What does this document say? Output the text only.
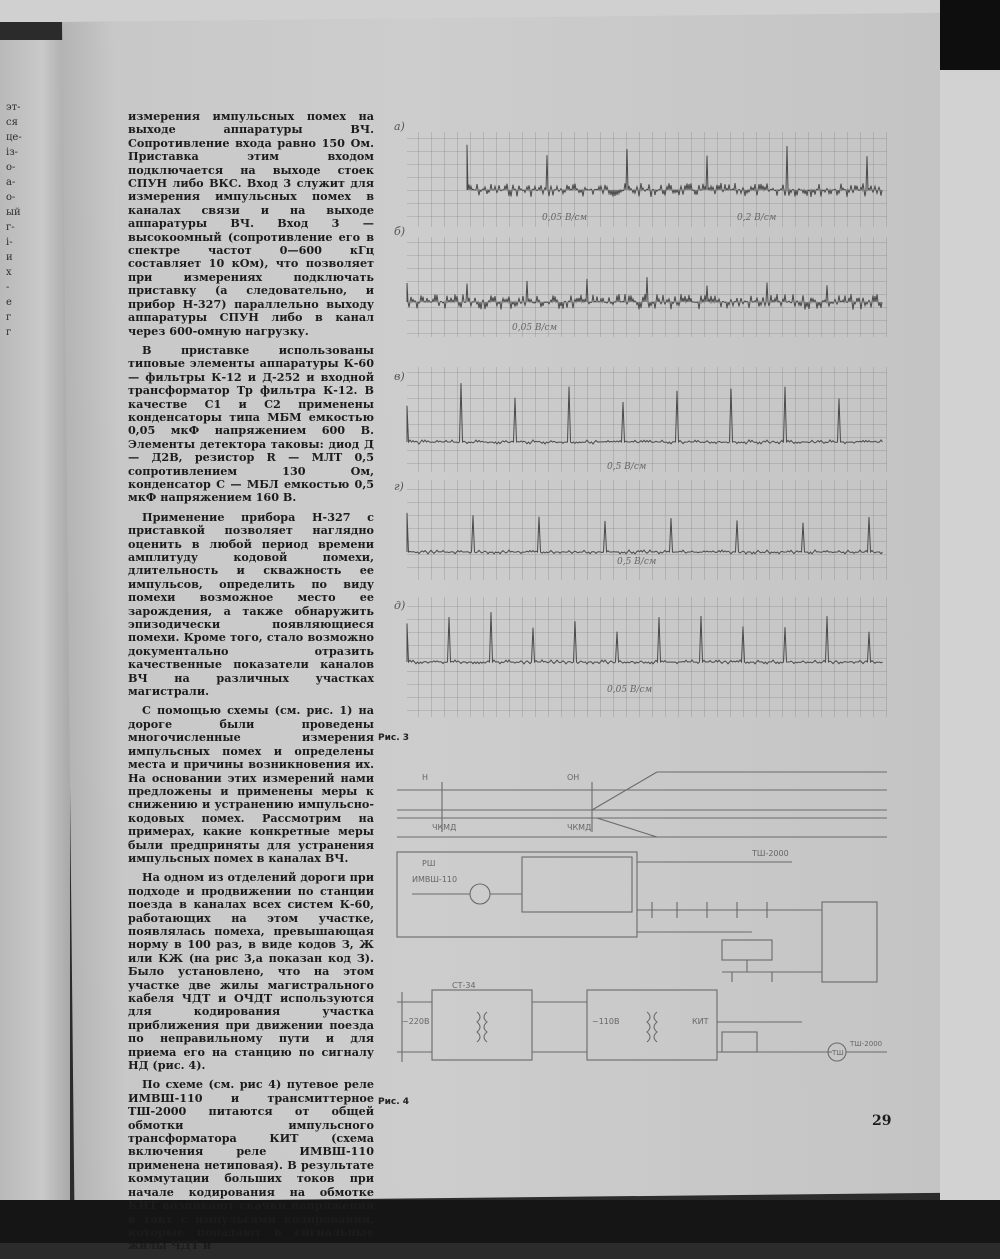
эт-
ся
це-
із-
о-
а-
о-
ый
г-
і-
и
х
-
е
г
г

измерения импульсных помех на выходе аппаратуры ВЧ. Сопротивление входа равно 150 Ом. Приставка этим входом подключается на выходе стоек СПУН либо ВКС. Вход 3 служит для измерения импульсных помех в каналах связи и на выходе аппаратуры ВЧ. Вход 3 — высокоомный (сопротивление его в спектре частот 0—600 кГц составляет 10 кОм), что позволяет при измерениях подключать приставку (а следовательно, и прибор Н-327) параллельно выходу аппаратуры СПУН либо в канал через 600-омную нагрузку.

В приставке использованы типовые элементы аппаратуры К-60 — фильтры К-12 и Д-252 и входной трансформатор Тр фильтра К-12. В качестве С1 и С2 применены конденсаторы типа МБМ емкостью 0,05 мкФ напряжением 600 В. Элементы детектора таковы: диод Д — Д2В, резистор R — МЛТ 0,5 сопротивлением 130 Ом, конденсатор С — МБЛ емкостью 0,5 мкФ напряжением 160 В.

Применение прибора Н-327 с приставкой позволяет наглядно оценить в любой период времени амплитуду кодовой помехи, длительность и скважность ее импульсов, определить по виду помехи возможное место ее зарождения, а также обнаружить эпизодически появляющиеся помехи. Кроме того, стало возможно документально отразить качественные показатели каналов ВЧ на различных участках магистрали.

С помощью схемы (см. рис. 1) на дороге были проведены многочисленные измерения импульсных помех и определены места и причины возникновения их. На основании этих измерений нами предложены и применены меры к снижению и устранению импульсно-кодовых помех. Рассмотрим на примерах, какие конкретные меры были предприняты для устранения импульсных помех в каналах ВЧ.

На одном из отделений дороги при подходе и продвижении по станции поезда в каналах всех систем К-60, работающих на этом участке, появлялась помеха, превышающая норму в 100 раз, в виде кодов З, Ж или КЖ (на рис 3,а показан код З). Было установлено, что на этом участке две жилы магистрального кабеля ЧДТ и ОЧДТ используются для кодирования участка приближения при движении поезда по неправильному пути и для приема его на станцию по сигналу НД (рис. 4).

По схеме (см. рис 4) путевое реле ИМВШ-110 и трансмиттерное ТШ-2000 питаются от общей обмотки импульсного трансформатора КИТ (схема включения реле ИМВШ-110 применена нетиповая). В результате коммутации больших токов при начале кодирования на обмотке КИТ возникают скачки напряжения в такт с импульсами кодирования, которые попадают в сигнальные жилы ЧДТ и

а)
0,05 В/см	0,2 В/см
б)
0,05 В/см
в)
0,5 В/см
г)
0,5 В/см
д)
0,05 В/см
Рис. 3
Н	ОН
ЧКМД	ЧКМД
ИМВШ-110
РШ
ТШ-2000
КИТ
СТ-34
~220В	~110В
ТШ
ТШ-2000
Рис. 4
29
